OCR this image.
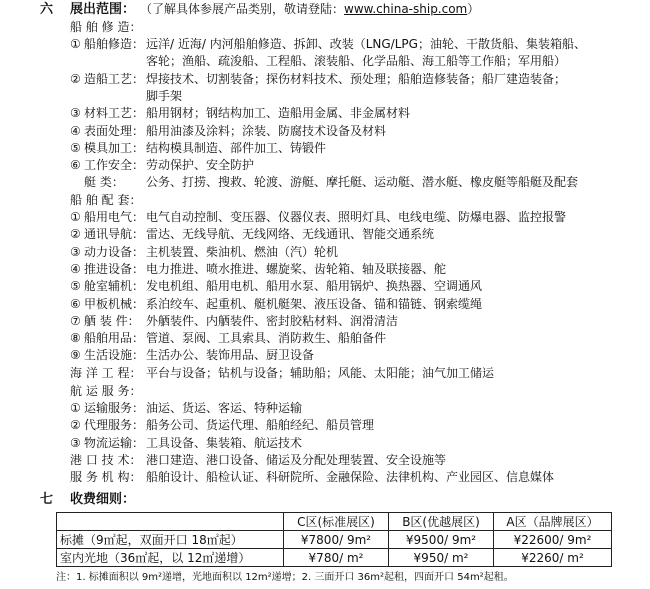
六 展出范围： （了解具体参展产品类别，敬请登陆：www.china-ship.com）
船 舶 修 造：
① 船舶修造： 远洋/ 近海/ 内河船舶修造、拆卸、改装（LNG/LPG；油轮、干散货船、集装箱船、
客轮；渔船、疏浚船、工程船、滚装船、化学品船、海工船等工作船；军用船）
② 造船工艺： 焊接技术、切割装备；探伤材料技术、预处理；船舶造修装备；船厂建造装备；
脚手架
③ 材料工艺： 船用钢材；钢结构加工、造船用金属、非金属材料
④ 表面处理： 船用油漆及涂料；涂装、防腐技术设备及材料
⑤ 模具加工： 结构模具制造、部件加工、铸锻件
⑥ 工作安全： 劳动保护、安全防护
艇 类： 公务、打捞、搜救、轮渡、游艇、摩托艇、运动艇、潜水艇、橡皮艇等船艇及配套
船 舶 配 套：
① 船用电气： 电气自动控制、变压器、仪器仪表、照明灯具、电线电缆、防爆电器、监控报警
② 通讯导航： 雷达、无线导航、无线网络、无线通讯、智能交通系统
③ 动力设备： 主机装置、柴油机、燃油（汽）轮机
④ 推进设备： 电力推进、喷水推进、螺旋桨、齿轮箱、轴及联接器、舵
⑤ 舱室辅机： 发电机组、船用电机、船用水泵、船用锅炉、换热器、空调通风
⑥ 甲板机械： 系泊绞车、起重机、艇机艇架、液压设备、锚和锚链、钢索缆绳
⑦ 舾 装 件： 外舾装件、内舾装件、密封胶粘材料、润滑清洁
⑧ 船舶用品： 管道、泵阀、工具索具、消防救生、船舶备件
⑨ 生活设施： 生活办公、装饰用品、厨卫设备
海 洋 工 程： 平台与设备；钻机与设备；辅助船；风能、太阳能；油气加工储运
航 运 服 务：
① 运输服务： 油运、货运、客运、特种运输
② 代理服务： 船务公司、货运代理、船舶经纪、船员管理
③ 物流运输： 工具设备、集装箱、航运技术
港 口 技 术： 港口建造、港口设备、储运及分配处理装置、安全设施等
服 务 机 构： 船舶设计、船检认证、科研院所、金融保险、法律机构、产业园区、信息媒体
七 收费细则：
	C区(标准展区)	B区(优越展区)	A区（品牌展区）
标摊（9㎡起，双面开口 18㎡起）	¥7800/ 9m²	¥9500/ 9m²	¥22600/ 9m²
室内光地（36㎡起，以 12㎡递增）	¥780/ m²	¥950/ m²	¥2260/ m²
注：1. 标摊面积以 9m²递增，光地面积以 12m²递增；2. 三面开口 36m²起租，四面开口 54m²起租。
